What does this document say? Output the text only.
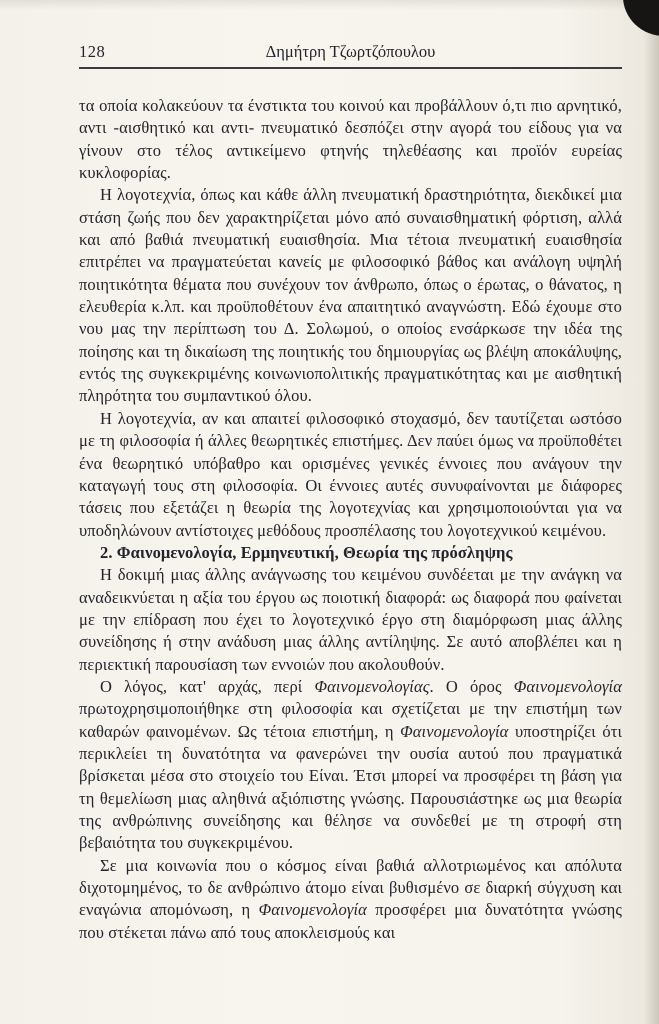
128	Δημήτρη Τζωρτζόπουλου

τα οποία κολακεύουν τα ένστικτα του κοινού και προβάλλουν ό,τι πιο αρνητικό, αντι -αισθητικό και αντι- πνευματικό δεσπόζει στην αγορά του είδους για να γίνουν στο τέλος αντικείμενο φτηνής τηλεθέασης και προϊόν ευρείας κυκλοφορίας.

Η λογοτεχνία, όπως και κάθε άλλη πνευματική δραστηριότητα, διεκδικεί μια στάση ζωής που δεν χαρακτηρίζεται μόνο από συναισθηματική φόρτιση, αλλά και από βαθιά πνευματική ευαισθησία. Μια τέτοια πνευματική ευαισθησία επιτρέπει να πραγματεύεται κανείς με φιλοσοφικό βάθος και ανάλογη υψηλή ποιητικότητα θέματα που συνέχουν τον άνθρωπο, όπως ο έρωτας, ο θάνατος, η ελευθερία κ.λπ. και προϋποθέτουν ένα απαιτητικό αναγνώστη. Εδώ έχουμε στο νου μας την περίπτωση του Δ. Σολωμού, ο οποίος ενσάρκωσε την ιδέα της ποίησης και τη δικαίωση της ποιητικής του δημιουργίας ως βλέψη αποκάλυψης, εντός της συγκεκριμένης κοινωνιοπολιτικής πραγματικότητας και με αισθητική πληρότητα του συμπαντικού όλου.

Η λογοτεχνία, αν και απαιτεί φιλοσοφικό στοχασμό, δεν ταυτίζεται ωστόσο με τη φιλοσοφία ή άλλες θεωρητικές επιστήμες. Δεν παύει όμως να προϋποθέτει ένα θεωρητικό υπόβαθρο και ορισμένες γενικές έννοιες που ανάγουν την καταγωγή τους στη φιλοσοφία. Οι έννοιες αυτές συνυφαίνονται με διάφορες τάσεις που εξετάζει η θεωρία της λογοτεχνίας και χρησιμοποιούνται για να υποδηλώνουν αντίστοιχες μεθόδους προσπέλασης του λογοτεχνικού κειμένου.

2. Φαινομενολογία, Ερμηνευτική, Θεωρία της πρόσληψης

Η δοκιμή μιας άλλης ανάγνωσης του κειμένου συνδέεται με την ανάγκη να αναδεικνύεται η αξία του έργου ως ποιοτική διαφορά: ως διαφορά που φαίνεται με την επίδραση που έχει το λογοτεχνικό έργο στη διαμόρφωση μιας άλλης συνείδησης ή στην ανάδυση μιας άλλης αντίληψης. Σε αυτό αποβλέπει και η περιεκτική παρουσίαση των εννοιών που ακολουθούν.

Ο λόγος, κατ' αρχάς, περί Φαινομενολογίας. Ο όρος Φαινομενολογία πρωτοχρησιμοποιήθηκε στη φιλοσοφία και σχετίζεται με την επιστήμη των καθαρών φαινομένων. Ως τέτοια επιστήμη, η Φαινομενολογία υποστηρίζει ότι περικλείει τη δυνατότητα να φανερώνει την ουσία αυτού που πραγματικά βρίσκεται μέσα στο στοιχείο του Είναι. Έτσι μπορεί να προσφέρει τη βάση για τη θεμελίωση μιας αληθινά αξιόπιστης γνώσης. Παρουσιάστηκε ως μια θεωρία της ανθρώπινης συνείδησης και θέλησε να συνδεθεί με τη στροφή στη βεβαιότητα του συγκεκριμένου.

Σε μια κοινωνία που ο κόσμος είναι βαθιά αλλοτριωμένος και απόλυτα διχοτομημένος, το δε ανθρώπινο άτομο είναι βυθισμένο σε διαρκή σύγχυση και εναγώνια απομόνωση, η Φαινομενολογία προσφέρει μια δυνατότητα γνώσης που στέκεται πάνω από τους αποκλεισμούς και
